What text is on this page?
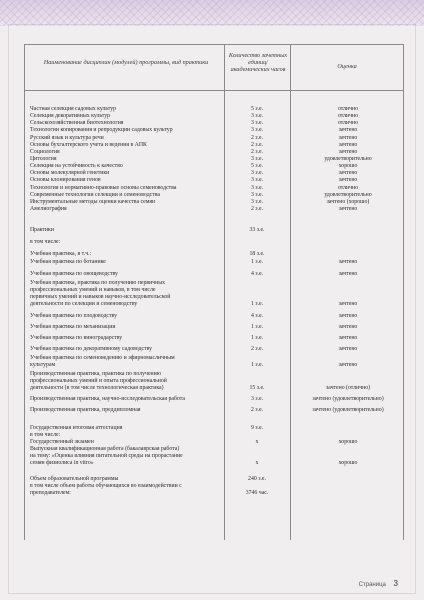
Наименование дисциплин (модулей) программы, вид практики
Количество зачетных единиц/ академических часов	Оценка
Частная селекция садовых культур	5 з.е.	отлично
Селекция декоративных культур	3 з.е.	отлично
Сельскохозяйственная биотехнология	3 з.е.	отлично
Технологии копирования и репродукции садовых культур	3 з.е.	зачтено
Русский язык и культура речи	2 з.е.	зачтено
Основы бухгалтерского учета и ведения в АПК	2 з.е.	зачтено
Социология	2 з.е.	зачтено
Цитология	3 з.е.	удовлетворительно
Селекция на устойчивость к качество	5 з.е.	хорошо
Основы молекулярной генетики	3 з.е.	зачтено
Основы клонирования генов	3 з.е.	зачтено
Технология и нормативно-правовые основы семеноводства	3 з.е.	отлично
Современные технологии селекции и семеноводства	3 з.е.	удовлетворительно
Инструментальные методы оценки качества семян	3 з.е.	зачтено (хорошо)
Амелиография	2 з.е.	зачтено
Практики	33 з.е.
в том числе:
Учебная практика, в т.ч.:	18 з.е.
Учебная практика по ботанике	1 з.е.	зачтено
Учебная практика по овощеводству	4 з.е.	зачтено
Учебная практика, практика по получению первичных
профессиональных умений и навыков, в том числе
первичных умений и навыков научно-исследовательской
деятельности по селекции и семеноводству	1 з.е.	зачтено
Учебная практика по плодоводству	4 з.е.	зачтено
Учебная практика по механизации	1 з.е.	зачтено
Учебная практика по виноградарству	1 з.е.	зачтено
Учебная практика по декоративному садоводству	2 з.е.	зачтено
Учебная практика по семеноведению и эфирномасличным
культурам	1 з.е.	зачтено
Производственная практика, практика по получению
профессиональных умений и опыта профессиональной
деятельности (в том числе технологическая практика)	15 з.е.	зачтено (отлично)
Производственная практика, научно-исследовательская работа	3 з.е.	зачтено (удовлетворительно)
Производственная практика, преддипломная	2 з.е.	зачтено (удовлетворительно)
Государственная итоговая аттестация	9 з.е.
в том числе:
Государственный экзамен	х	хорошо
Выпускная квалификационная работа (бакалаврская работа)
на тему: «Оценка влияния питательной среды на прорастание
семян физиолиса in vitro»	х	хорошо
Объем образовательной программы	240 з.е.
в том числе объем работы обучающихся во взаимодействии с
преподавателем:	3746 час.
Страница 3
